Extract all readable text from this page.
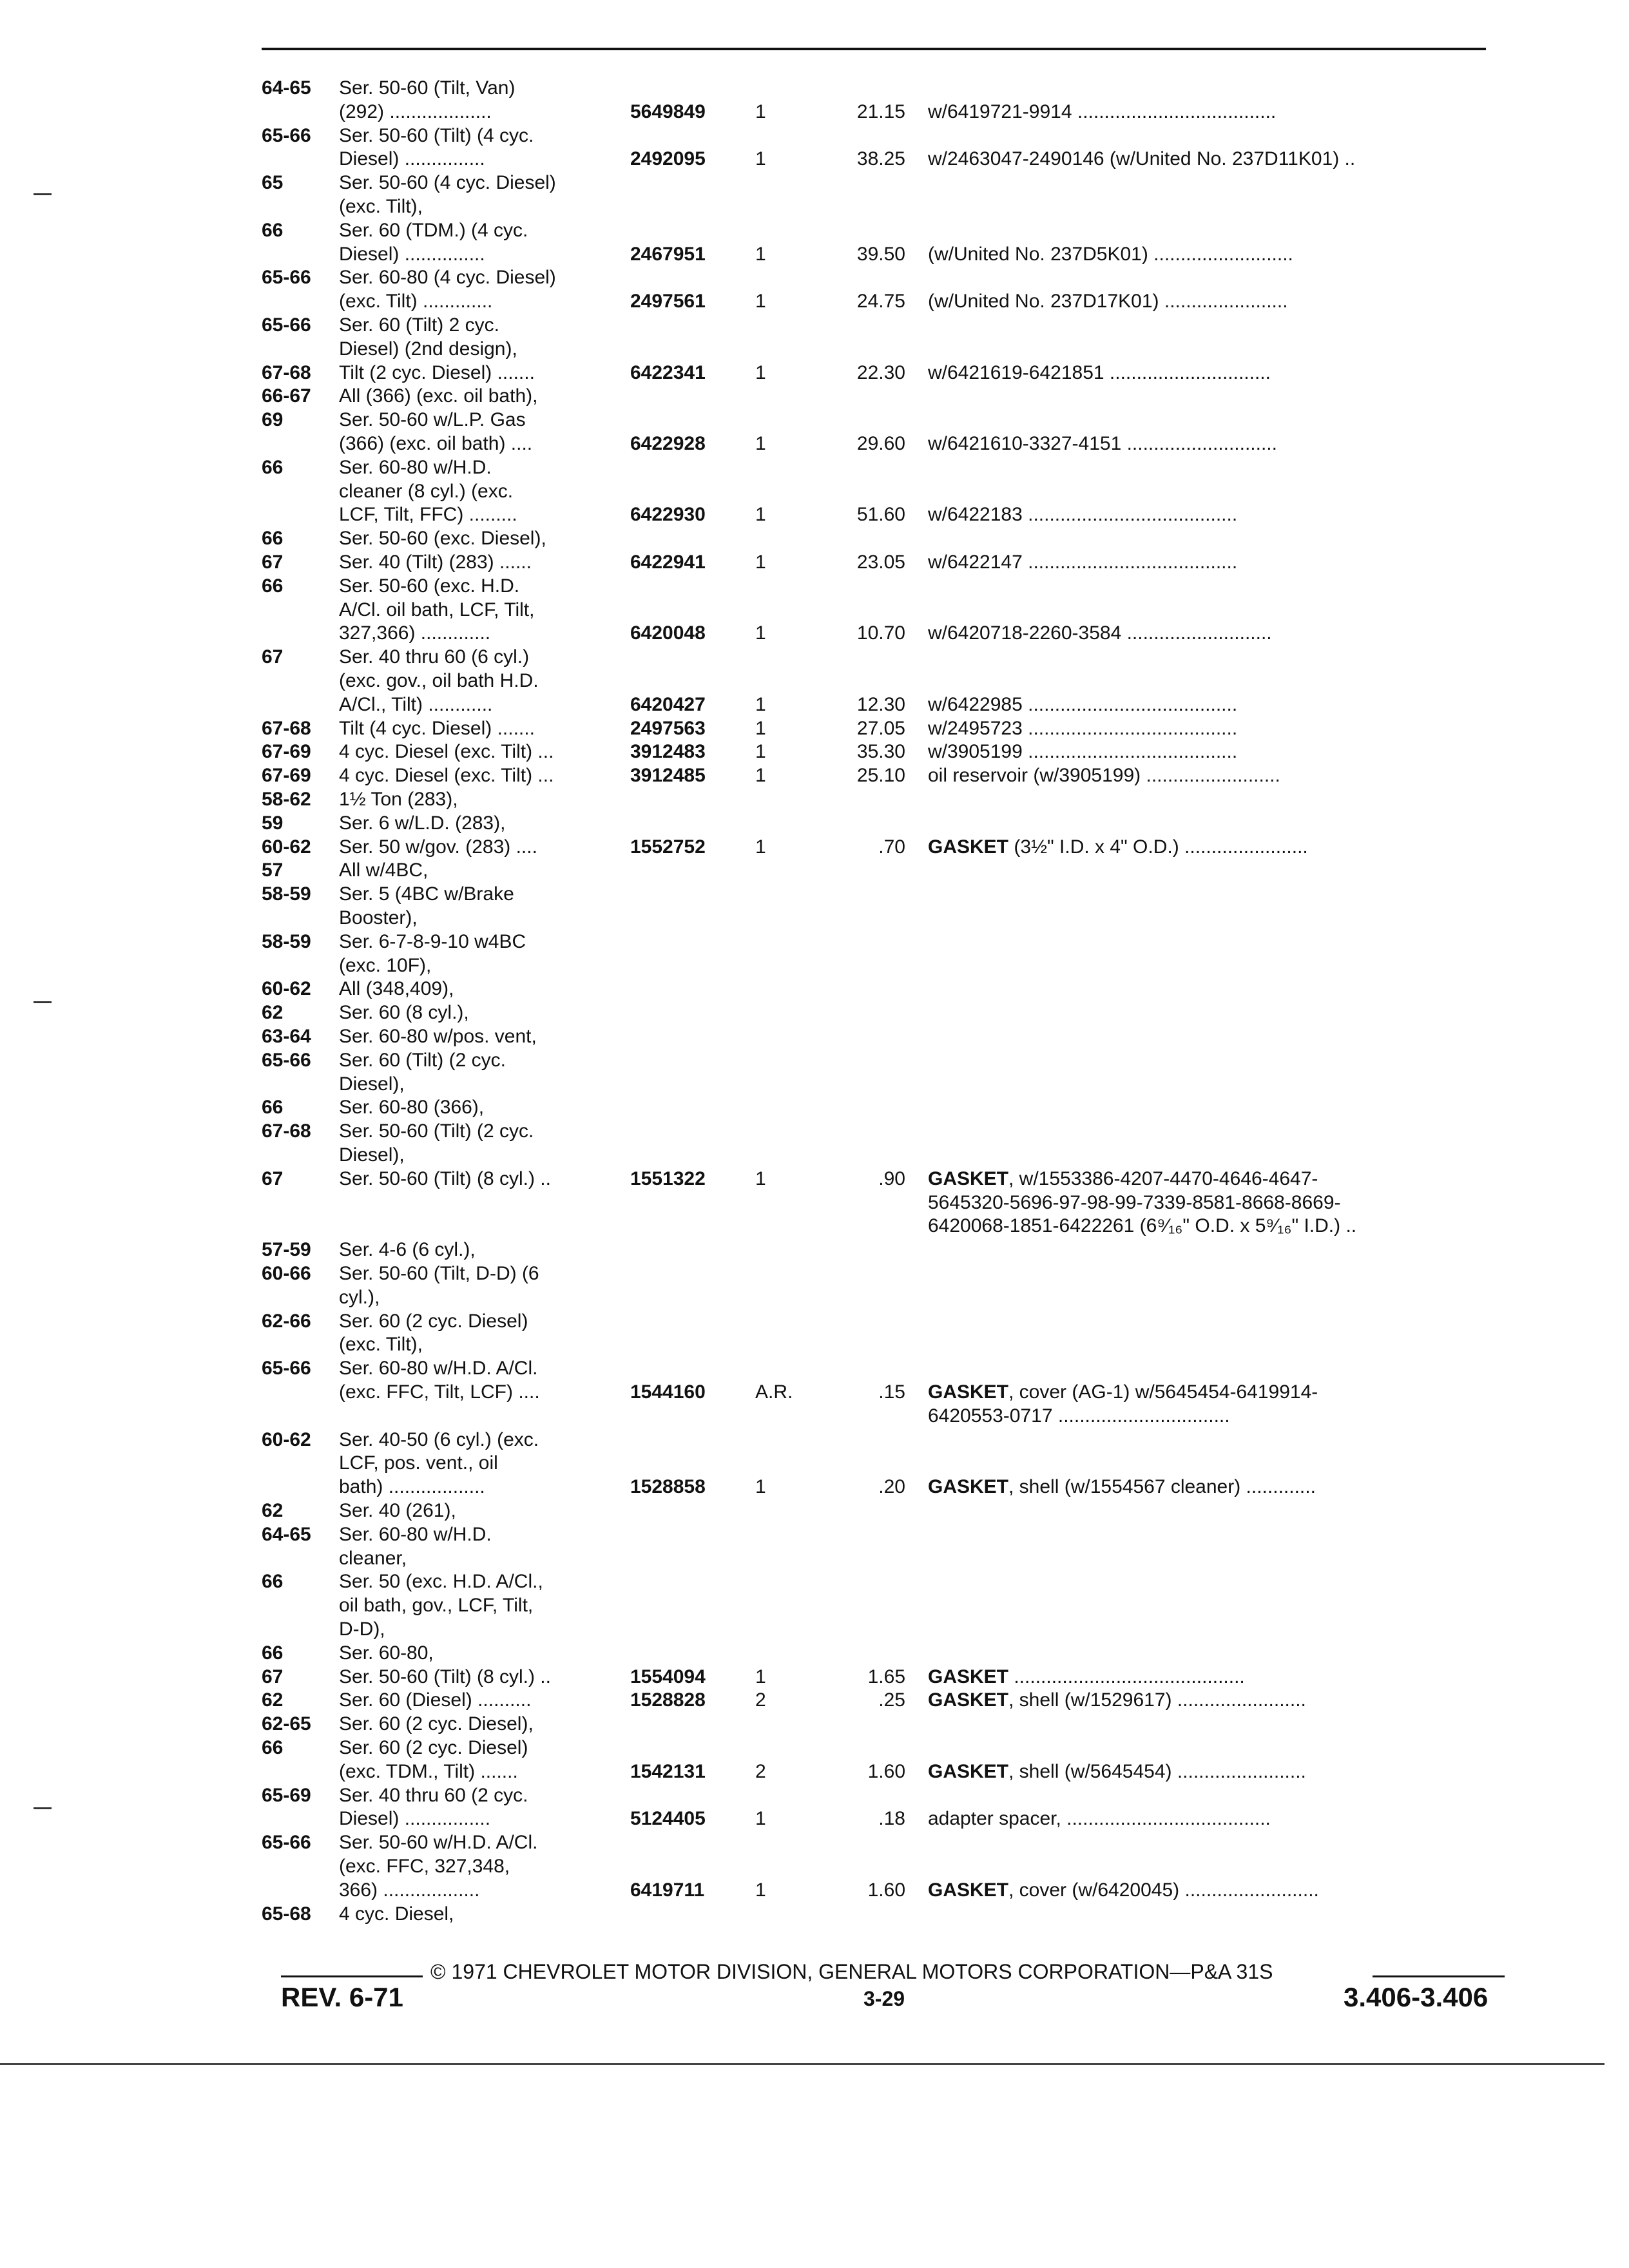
64-65 Ser. 50-60 (Tilt, Van)
(292) ...................	5649849	1	21.15 w/6419721-9914 .....................................
65-66 Ser. 50-60 (Tilt) (4 cyc.
Diesel) ...............	2492095	1	38.25 w/2463047-2490146 (w/United No. 237D11K01) ..
65	Ser. 50-60 (4 cyc. Diesel)
(exc. Tilt),
66	Ser. 60 (TDM.) (4 cyc.
Diesel) ...............	2467951	1	39.50 (w/United No. 237D5K01) ..........................
65-66 Ser. 60-80 (4 cyc. Diesel)
(exc. Tilt) .............	2497561	1	24.75 (w/United No. 237D17K01) .......................
65-66 Ser. 60 (Tilt) 2 cyc.
Diesel) (2nd design),
67-68 Tilt (2 cyc. Diesel) .......	6422341	1	22.30 w/6421619-6421851 ..............................
66-67 All (366) (exc. oil bath),
69	Ser. 50-60 w/L.P. Gas
(366) (exc. oil bath) ....	6422928	1	29.60 w/6421610-3327-4151 ............................
66	Ser. 60-80 w/H.D.
cleaner (8 cyl.) (exc.
LCF, Tilt, FFC) .........	6422930	1	51.60 w/6422183 .......................................
66	Ser. 50-60 (exc. Diesel),
67	Ser. 40 (Tilt) (283) ......	6422941	1	23.05 w/6422147 .......................................
66	Ser. 50-60 (exc. H.D.
A/Cl. oil bath, LCF, Tilt,
327,366) .............	6420048	1	10.70 w/6420718-2260-3584 ...........................
67	Ser. 40 thru 60 (6 cyl.)
(exc. gov., oil bath H.D.
A/Cl., Tilt) ............	6420427	1	12.30 w/6422985 .......................................
67-68 Tilt (4 cyc. Diesel) .......	2497563	1	27.05 w/2495723 .......................................
67-69 4 cyc. Diesel (exc. Tilt) ...	3912483	1	35.30 w/3905199 .......................................
67-69 4 cyc. Diesel (exc. Tilt) ...	3912485	1	25.10 oil reservoir (w/3905199) .........................
58-62 1½ Ton (283),
59	Ser. 6 w/L.D. (283),
60-62 Ser. 50 w/gov. (283) ....	1552752	1	.70 GASKET (3½" I.D. x 4" O.D.) .......................
57	All w/4BC,
58-59 Ser. 5 (4BC w/Brake
Booster),
58-59 Ser. 6-7-8-9-10 w4BC
(exc. 10F),
60-62 All (348,409),
62	Ser. 60 (8 cyl.),
63-64 Ser. 60-80 w/pos. vent,
65-66 Ser. 60 (Tilt) (2 cyc.
Diesel),
66	Ser. 60-80 (366),
67-68 Ser. 50-60 (Tilt) (2 cyc.
Diesel),
67	Ser. 50-60 (Tilt) (8 cyl.) ..	1551322	1	.90 GASKET, w/1553386-4207-4470-4646-4647-
5645320-5696-97-98-99-7339-8581-8668-8669-
6420068-1851-6422261 (6⁹⁄₁₆" O.D. x 5⁹⁄₁₆" I.D.) ..
57-59 Ser. 4-6 (6 cyl.),
60-66 Ser. 50-60 (Tilt, D-D) (6
cyl.),
62-66 Ser. 60 (2 cyc. Diesel)
(exc. Tilt),
65-66 Ser. 60-80 w/H.D. A/Cl.
(exc. FFC, Tilt, LCF) ....	1544160	A.R.	.15 GASKET, cover (AG-1) w/5645454-6419914-
6420553-0717 ................................
60-62 Ser. 40-50 (6 cyl.) (exc.
LCF, pos. vent., oil
bath) ..................	1528858	1	.20 GASKET, shell (w/1554567 cleaner) .............
62	Ser. 40 (261),
64-65 Ser. 60-80 w/H.D.
cleaner,
66	Ser. 50 (exc. H.D. A/Cl.,
oil bath, gov., LCF, Tilt,
D-D),
66	Ser. 60-80,
67	Ser. 50-60 (Tilt) (8 cyl.) ..	1554094	1	1.65 GASKET ...........................................
62	Ser. 60 (Diesel) ..........	1528828	2	.25 GASKET, shell (w/1529617) ........................
62-65 Ser. 60 (2 cyc. Diesel),
66	Ser. 60 (2 cyc. Diesel)
(exc. TDM., Tilt) .......	1542131	2	1.60 GASKET, shell (w/5645454) ........................
65-69 Ser. 40 thru 60 (2 cyc.
Diesel) ................	5124405	1	.18 adapter spacer, ......................................
65-66 Ser. 50-60 w/H.D. A/Cl.
(exc. FFC, 327,348,
366) ..................	6419711	1	1.60 GASKET, cover (w/6420045) .........................
65-68 4 cyc. Diesel,
© 1971 CHEVROLET MOTOR DIVISION, GENERAL MOTORS CORPORATION—P&A 31S
REV. 6-71	3-29	3.406-3.406
